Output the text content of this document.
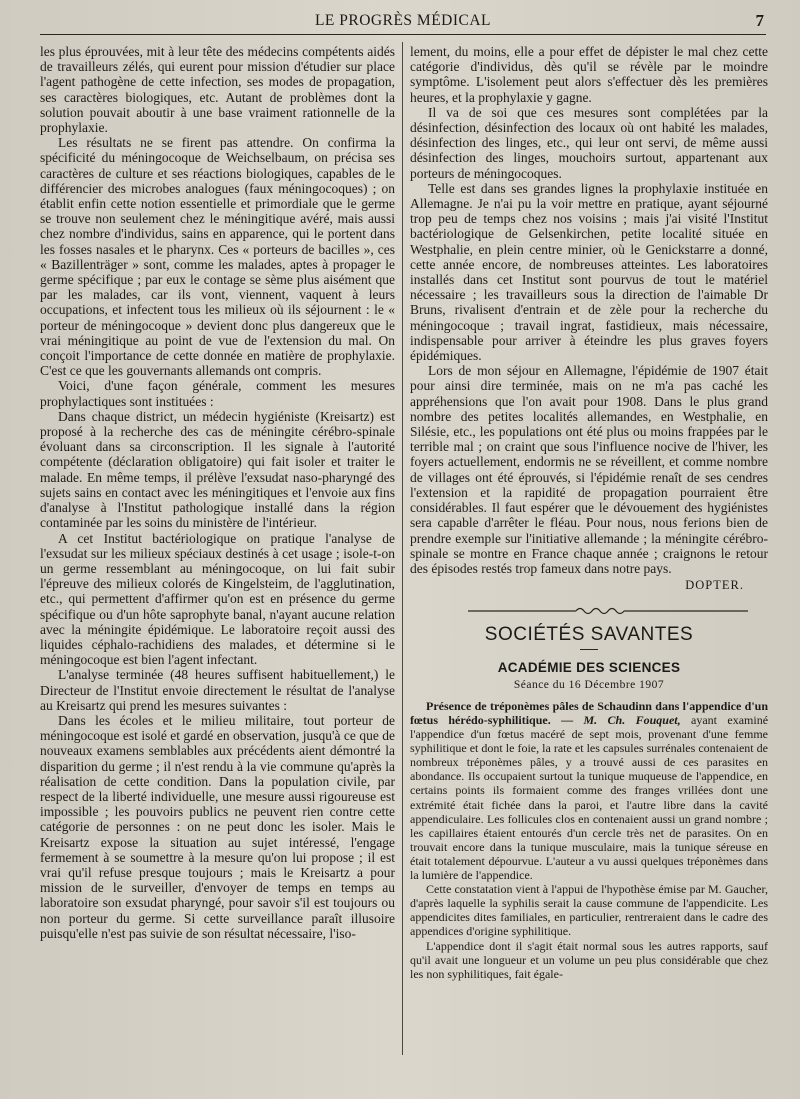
LE PROGRÈS MÉDICAL	7

les plus éprouvées, mit à leur tête des médecins compétents aidés de travailleurs zélés, qui eurent pour mission d'étudier sur place l'agent pathogène de cette infection, ses modes de propagation, ses caractères biologiques, etc. Autant de problèmes dont la solution pouvait aboutir à une base vraiment rationnelle de la prophylaxie.

Les résultats ne se firent pas attendre. On confirma la spécificité du méningocoque de Weichselbaum, on précisa ses caractères de culture et ses réactions biologiques, capables de le différencier des microbes analogues (faux méningocoques) ; on établit enfin cette notion essentielle et primordiale que le germe se trouve non seulement chez le méningitique avéré, mais aussi chez nombre d'individus, sains en apparence, qui le portent dans les fosses nasales et le pharynx. Ces « porteurs de bacilles », ces « Bazillenträger » sont, comme les malades, aptes à propager le germe spécifique ; par eux le contage se sème plus aisément que par les malades, car ils vont, viennent, vaquent à leurs occupations, et infectent tous les milieux où ils séjournent : le « porteur de méningocoque » devient donc plus dangereux que le vrai méningitique au point de vue de l'extension du mal. On conçoit l'importance de cette donnée en matière de prophylaxie. C'est ce que les gouvernants allemands ont compris.

Voici, d'une façon générale, comment les mesures prophylactiques sont instituées :

Dans chaque district, un médecin hygiéniste (Kreisartz) est proposé à la recherche des cas de méningite cérébro-spinale évoluant dans sa circonscription. Il les signale à l'autorité compétente (déclaration obligatoire) qui fait isoler et traiter le malade. En même temps, il prélève l'exsudat naso-pharyngé des sujets sains en contact avec les méningitiques et l'envoie aux fins d'analyse à l'Institut pathologique installé dans la région contaminée par les soins du ministère de l'intérieur.

A cet Institut bactériologique on pratique l'analyse de l'exsudat sur les milieux spéciaux destinés à cet usage ; isole-t-on un germe ressemblant au méningocoque, on lui fait subir l'épreuve des milieux colorés de Kingelsteim, de l'agglutination, etc., qui permettent d'affirmer qu'on est en présence du germe spécifique ou d'un hôte saprophyte banal, n'ayant aucune relation avec la méningite épidémique. Le laboratoire reçoit aussi des liquides céphalo-rachidiens des malades, et détermine si le méningocoque est bien l'agent infectant.

L'analyse terminée (48 heures suffisent habituellement,) le Directeur de l'Institut envoie directement le résultat de l'analyse au Kreisartz qui prend les mesures suivantes :

Dans les écoles et le milieu militaire, tout porteur de méningocoque est isolé et gardé en observation, jusqu'à ce que de nouveaux examens semblables aux précédents aient démontré la disparition du germe ; il n'est rendu à la vie commune qu'après la réalisation de cette condition. Dans la population civile, par respect de la liberté individuelle, une mesure aussi rigoureuse est impossible ; les pouvoirs publics ne peuvent rien contre cette catégorie de personnes : on ne peut donc les isoler. Mais le Kreisartz expose la situation au sujet intéressé, l'engage fermement à se soumettre à la mesure qu'on lui propose ; il est vrai qu'il refuse presque toujours ; mais le Kreisartz a pour mission de le surveiller, d'envoyer de temps en temps au laboratoire son exsudat pharyngé, pour savoir s'il est toujours ou non porteur du germe. Si cette surveillance paraît illusoire puisqu'elle n'est pas suivie de son résultat nécessaire, l'iso-

lement, du moins, elle a pour effet de dépister le mal chez cette catégorie d'individus, dès qu'il se révèle par le moindre symptôme. L'isolement peut alors s'effectuer dès les premières heures, et la prophylaxie y gagne.

Il va de soi que ces mesures sont complétées par la désinfection, désinfection des locaux où ont habité les malades, désinfection des linges, etc., qui leur ont servi, de même aussi désinfection des linges, mouchoirs surtout, appartenant aux porteurs de méningocoques.

Telle est dans ses grandes lignes la prophylaxie instituée en Allemagne. Je n'ai pu la voir mettre en pratique, ayant séjourné trop peu de temps chez nos voisins ; mais j'ai visité l'Institut bactériologique de Gelsenkirchen, petite localité située en Westphalie, en plein centre minier, où le Genickstarre a donné, cette année encore, de nombreuses atteintes. Les laboratoires installés dans cet Institut sont pourvus de tout le matériel nécessaire ; les travailleurs sous la direction de l'aimable Dr Bruns, rivalisent d'entrain et de zèle pour la recherche du méningocoque ; travail ingrat, fastidieux, mais nécessaire, indispensable pour arriver à éteindre les plus graves foyers épidémiques.

Lors de mon séjour en Allemagne, l'épidémie de 1907 était pour ainsi dire terminée, mais on ne m'a pas caché les appréhensions que l'on avait pour 1908. Dans le plus grand nombre des petites localités allemandes, en Westphalie, en Silésie, etc., les populations ont été plus ou moins frappées par le terrible mal ; on craint que sous l'influence nocive de l'hiver, les foyers actuellement, endormis ne se réveillent, et comme nombre de villages ont été éprouvés, si l'épidémie renaît de ses cendres l'extension et la rapidité de propagation pourraient être considérables. Il faut espérer que le dévouement des hygiénistes sera capable d'arrêter le fléau. Pour nous, nous ferions bien de prendre exemple sur l'initiative allemande ; la méningite cérébro-spinale se montre en France chaque année ; craignons le retour des épisodes restés trop fameux dans notre pays.

DOPTER.
SOCIÉTÉS SAVANTES
ACADÉMIE DES SCIENCES
Séance du 16 Décembre 1907

Présence de tréponèmes pâles de Schaudinn dans l'appendice d'un fœtus hérédo-syphilitique. — M. Ch. Fouquet, ayant examiné l'appendice d'un fœtus macéré de sept mois, provenant d'une femme syphilitique et dont le foie, la rate et les capsules surrénales contenaient de nombreux tréponèmes pâles, y a trouvé aussi de ces parasites en abondance. Ils occupaient surtout la tunique muqueuse de l'appendice, en certains points ils formaient comme des franges vrillées dont une extrémité était fichée dans la paroi, et l'autre libre dans la cavité appendiculaire. Les follicules clos en contenaient aussi un grand nombre ; les capillaires étaient entourés d'un cercle très net de parasites. On en trouvait encore dans la tunique musculaire, mais la tunique séreuse en était totalement dépourvue. L'auteur a vu aussi quelques tréponèmes dans la lumière de l'appendice.

Cette constatation vient à l'appui de l'hypothèse émise par M. Gaucher, d'après laquelle la syphilis serait la cause commune de l'appendicite. Les appendicites dites familiales, en particulier, rentreraient dans le cadre des appendices d'origine syphilitique.

L'appendice dont il s'agit était normal sous les autres rapports, sauf qu'il avait une longueur et un volume un peu plus considérable que chez les non syphilitiques, fait égale-
